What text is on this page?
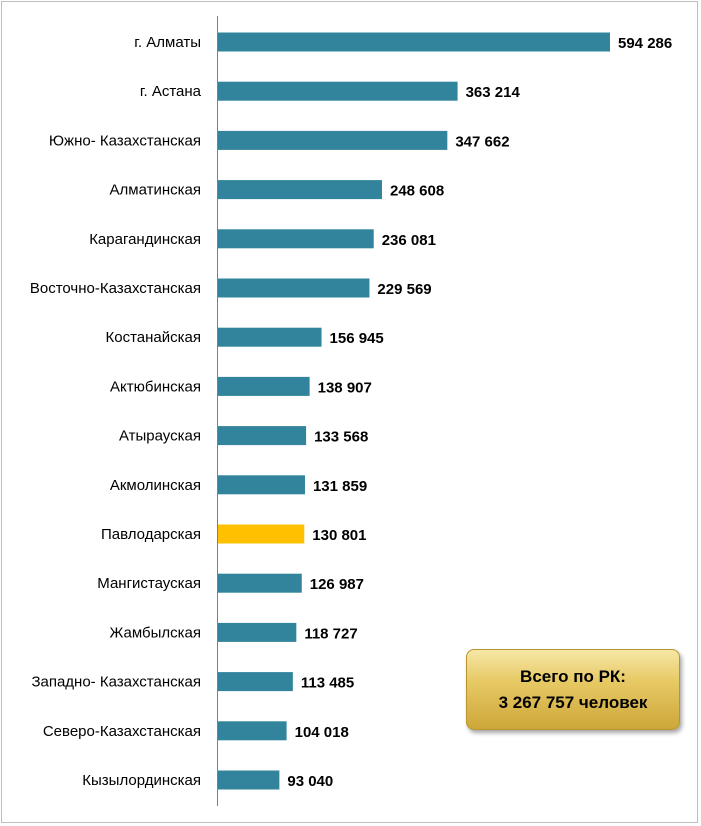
г. Алматы
г. Астана
Южно- Казахстанская
Алматинская
Карагандинская
Восточно-Казахстанская
Костанайская
Актюбинская
Атырауская
Акмолинская
Павлодарская
Мангистауская
Жамбылская
Западно- Казахстанская
Северо-Казахстанская
Кызылординская
594 286
363 214
347 662
248 608
236 081
229 569
156 945
138 907
133 568
131 859
130 801
126 987
118 727
113 485
104 018
93 040
Всего по РК:
3 267 757 человек
